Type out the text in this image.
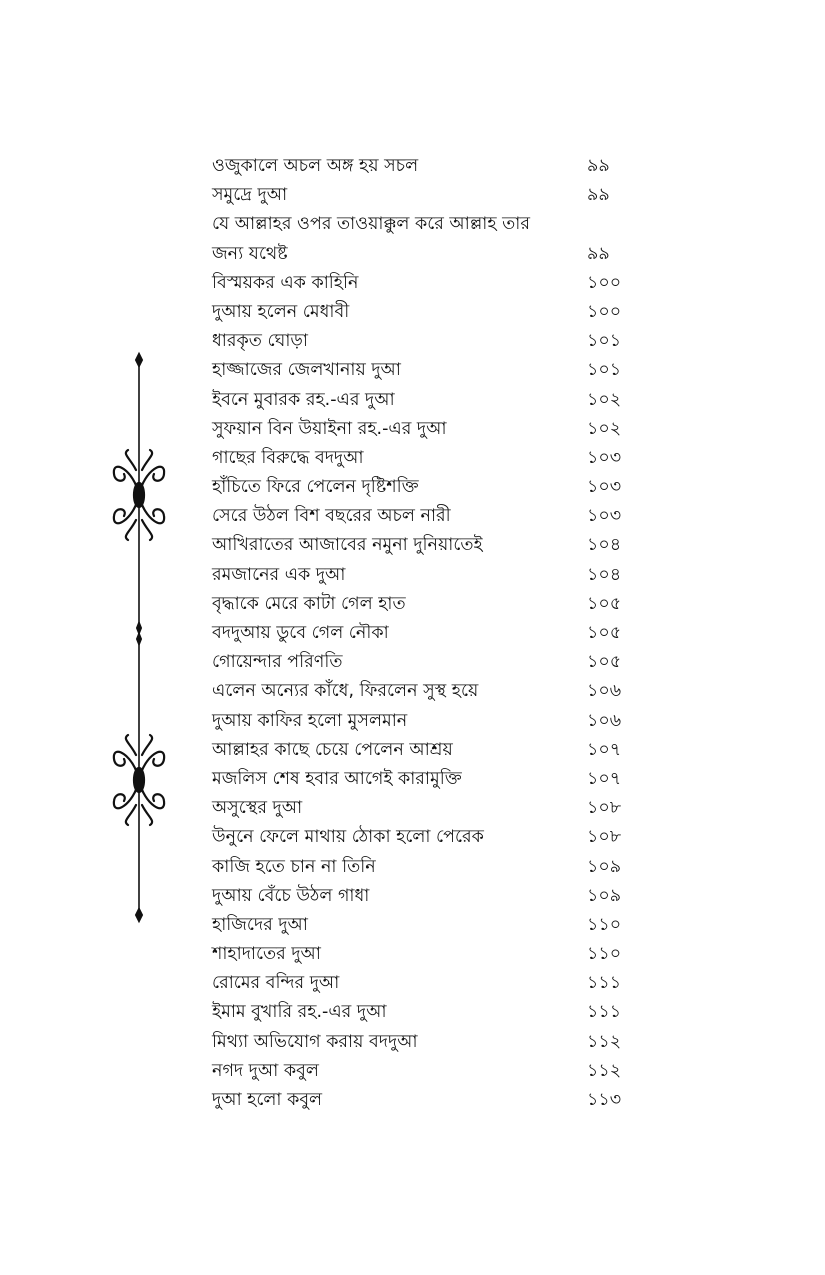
ওজুকালে অচল অঙ্গ হয় সচল	৯৯
সমুদ্রে দুআ	৯৯
যে আল্লাহর ওপর তাওয়াক্কুল করে আল্লাহ তার
জন্য যথেষ্ট	৯৯
বিস্ময়কর এক কাহিনি	১০০
দুআয় হলেন মেধাবী	১০০
ধারকৃত ঘোড়া	১০১
হাজ্জাজের জেলখানায় দুআ	১০১
ইবনে মুবারক রহ.-এর দুআ	১০২
সুফয়ান বিন উয়াইনা রহ.-এর দুআ	১০২
গাছের বিরুদ্ধে বদদুআ	১০৩
হাঁচিতে ফিরে পেলেন দৃষ্টিশক্তি	১০৩
সেরে উঠল বিশ বছরের অচল নারী	১০৩
আখিরাতের আজাবের নমুনা দুনিয়াতেই	১০৪
রমজানের এক দুআ	১০৪
বৃদ্ধাকে মেরে কাটা গেল হাত	১০৫
বদদুআয় ডুবে গেল নৌকা	১০৫
গোয়েন্দার পরিণতি	১০৫
এলেন অন্যের কাঁধে, ফিরলেন সুস্থ হয়ে	১০৬
দুআয় কাফির হলো মুসলমান	১০৬
আল্লাহর কাছে চেয়ে পেলেন আশ্রয়	১০৭
মজলিস শেষ হবার আগেই কারামুক্তি	১০৭
অসুস্থের দুআ	১০৮
উনুনে ফেলে মাথায় ঠোকা হলো পেরেক	১০৮
কাজি হতে চান না তিনি	১০৯
দুআয় বেঁচে উঠল গাধা	১০৯
হাজিদের দুআ	১১০
শাহাদাতের দুআ	১১০
রোমের বন্দির দুআ	১১১
ইমাম বুখারি রহ.-এর দুআ	১১১
মিথ্যা অভিযোগ করায় বদদুআ	১১২
নগদ দুআ কবুল	১১২
দুআ হলো কবুল	১১৩
